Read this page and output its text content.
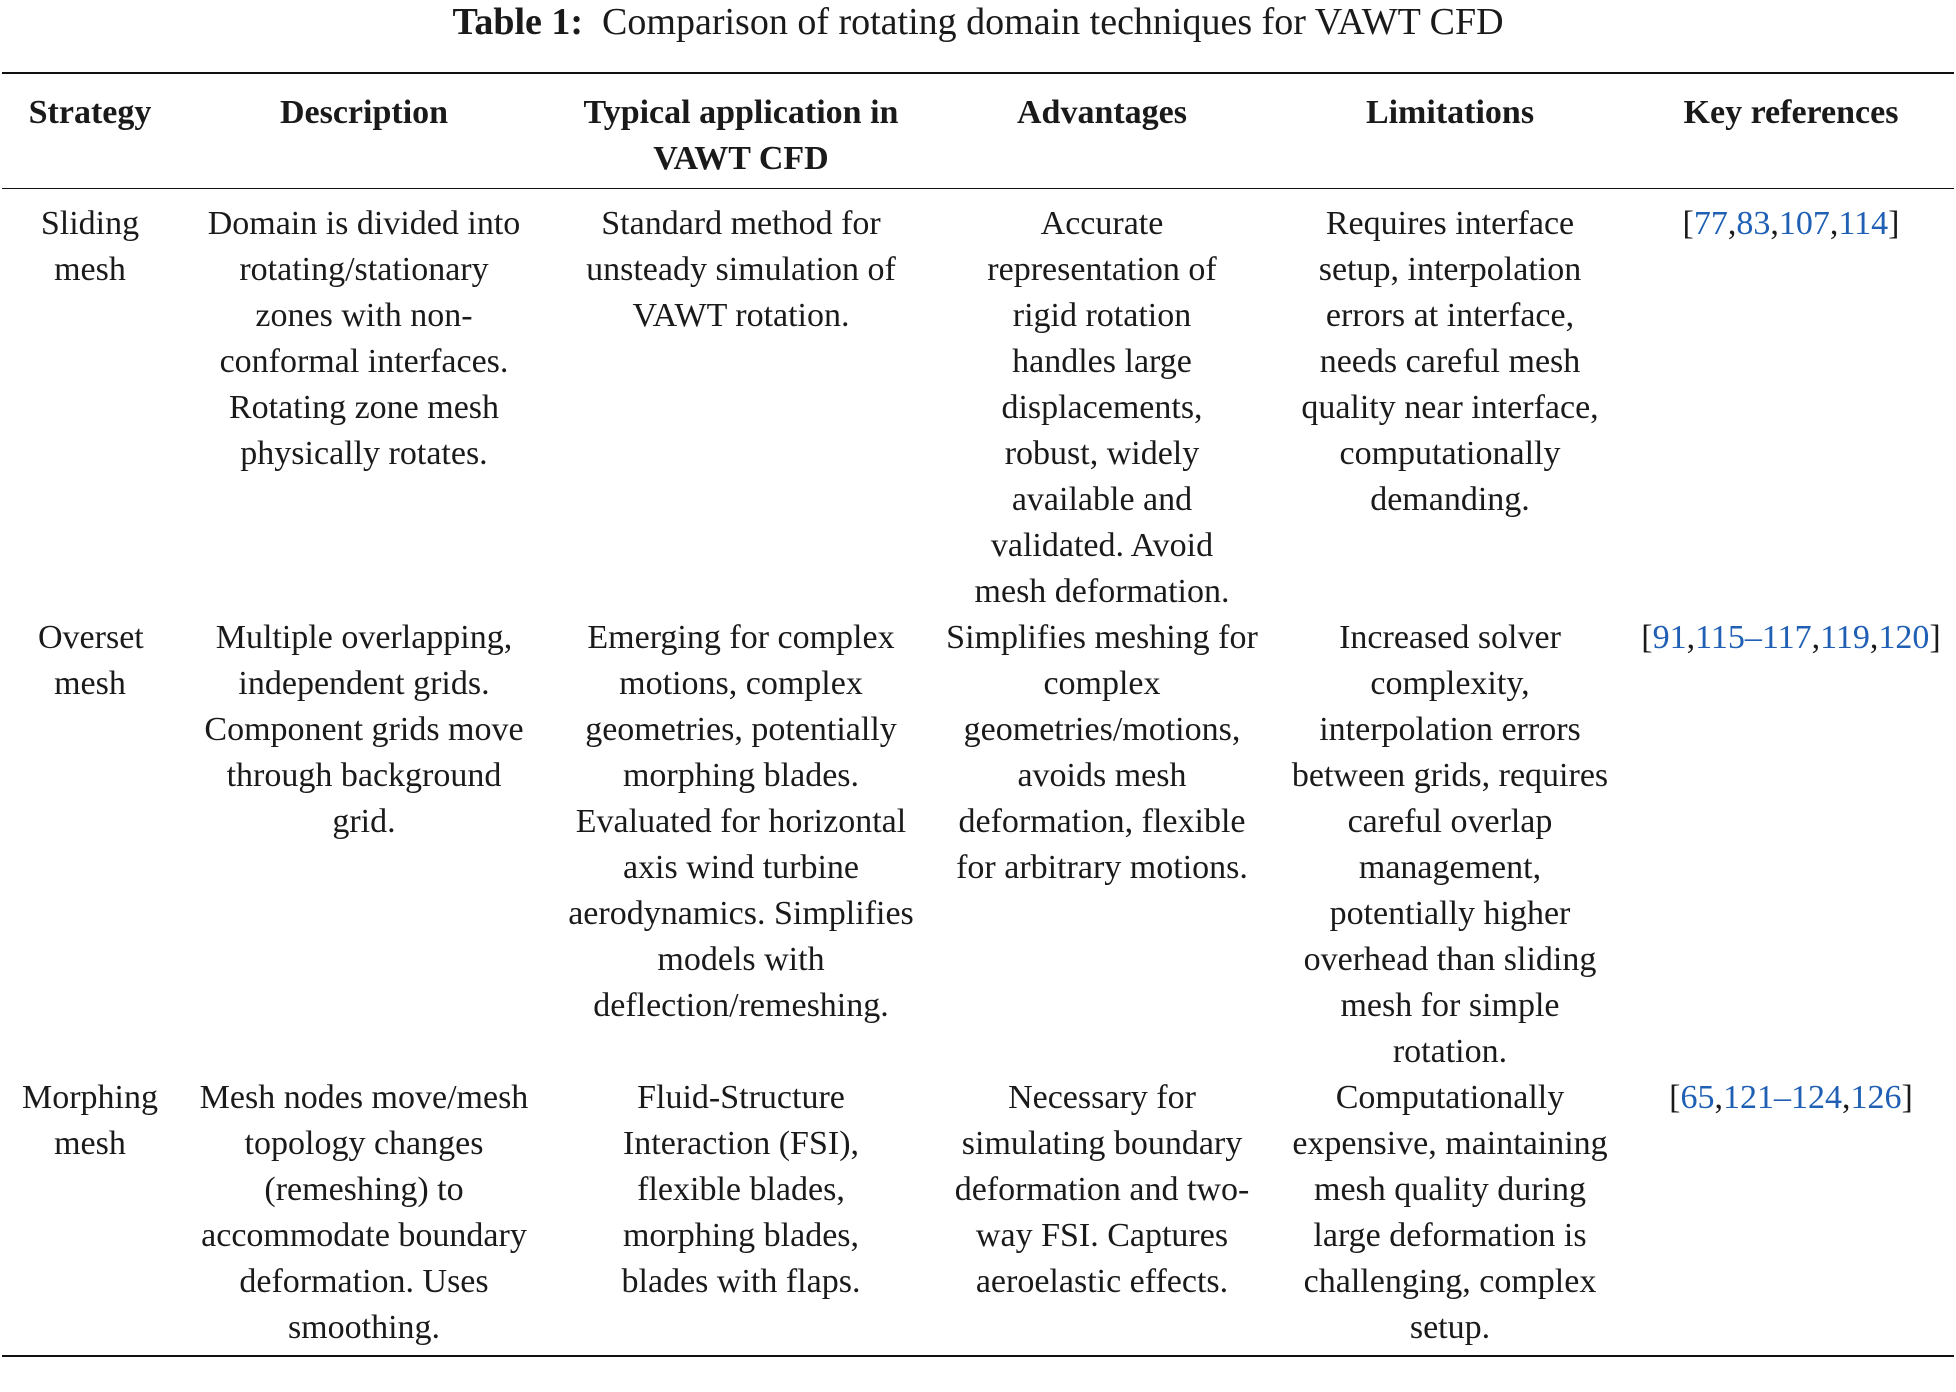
Table 1: Comparison of rotating domain techniques for VAWT CFD
Strategy	Description	Typical application in VAWT CFD	Advantages	Limitations	Key references
Sliding mesh	Domain is divided into rotating/stationary zones with non-conformal interfaces. Rotating zone mesh physically rotates.	Standard method for unsteady simulation of VAWT rotation.	Accurate representation of rigid rotation handles large displacements, robust, widely available and validated. Avoid mesh deformation.	Requires interface setup, interpolation errors at interface, needs careful mesh quality near interface, computationally demanding.	[77,83,107,114]
Overset mesh	Multiple overlapping, independent grids. Component grids move through background grid.	Emerging for complex motions, complex geometries, potentially morphing blades. Evaluated for horizontal axis wind turbine aerodynamics. Simplifies models with deflection/remeshing.	Simplifies meshing for complex geometries/motions, avoids mesh deformation, flexible for arbitrary motions.	Increased solver complexity, interpolation errors between grids, requires careful overlap management, potentially higher overhead than sliding mesh for simple rotation.	[91,115–117,119,120]
Morphing mesh	Mesh nodes move/mesh topology changes (remeshing) to accommodate boundary deformation. Uses smoothing.	Fluid-Structure Interaction (FSI), flexible blades, morphing blades, blades with flaps.	Necessary for simulating boundary deformation and two-way FSI. Captures aeroelastic effects.	Computationally expensive, maintaining mesh quality during large deformation is challenging, complex setup.	[65,121–124,126]
